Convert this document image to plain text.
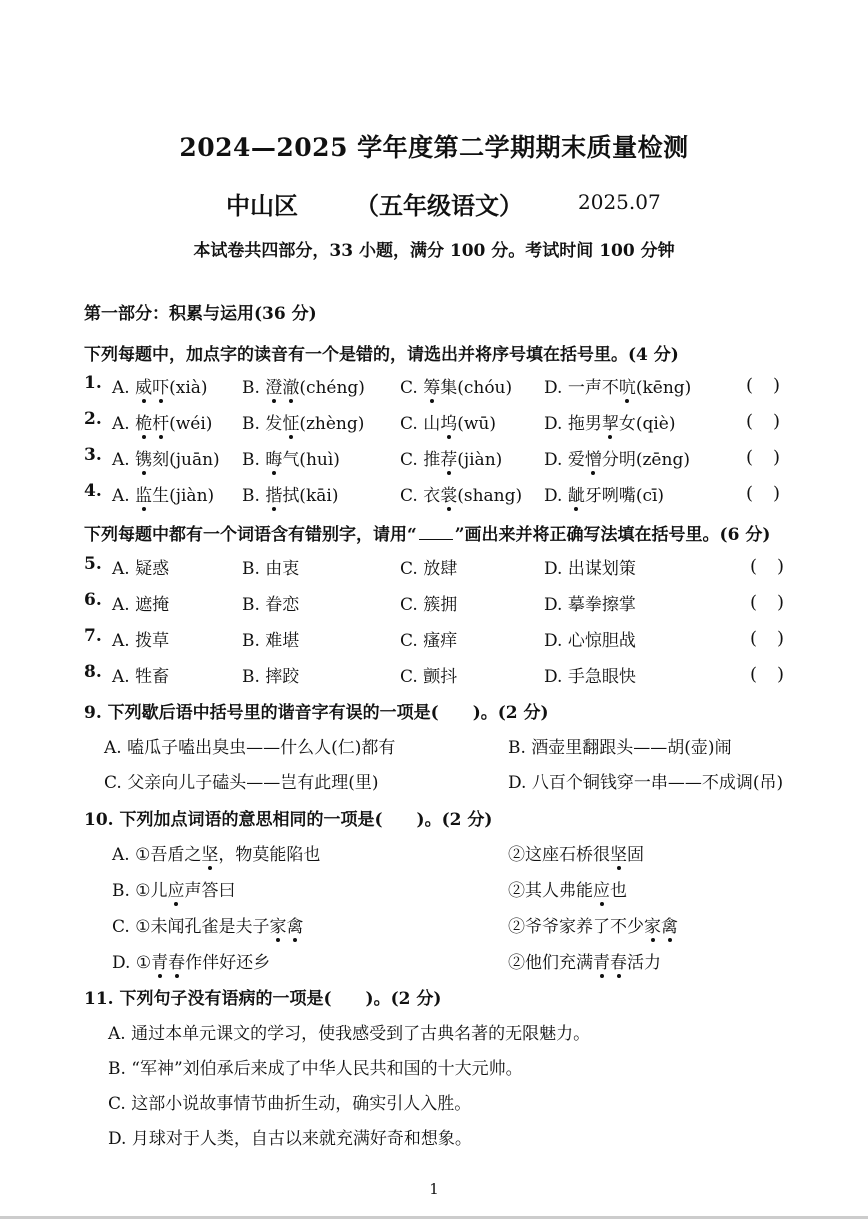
2024—2025 学年度第二学期期末质量检测
中山区 （五年级语文）	2025.07
本试卷共四部分，33 小题，满分 100 分。考试时间 100 分钟
第一部分：积累与运用(36 分)
下列每题中，加点字的读音有一个是错的，请选出并将序号填在括号里。(4 分)
1. A. 威吓(xià) B. 澄澈(chéng) C. 筹集(chóu) D. 一声不吭(kēng)	(　)
2. A. 桅杆(wéi) B. 发怔(zhèng) C. 山坞(wū)	D. 拖男挈女(qiè)	(　)
3. A. 镌刻(juān) B. 晦气(huì)	C. 推荐(jiàn) D. 爱憎分明(zēng)	(　)
4. A. 监生(jiàn) B. 揩拭(kāi)	C. 衣裳(shang) D. 龇牙咧嘴(cī)	(　)
下列每题中都有一个词语含有错别字，请用“ ”画出来并将正确写法填在括号里。(6 分)
5. A. 疑惑	B. 由衷	C. 放肆	D. 出谋划策	(　)
6. A. 遮掩	B. 眷恋	C. 簇拥	D. 摹拳擦掌	(　)
7. A. 拨草	B. 难堪	C. 瘙痒	D. 心惊胆战	(　)
8. A. 牲畜	B. 摔跤	C. 颤抖	D. 手急眼快	(　)
9. 下列歇后语中括号里的谐音字有误的一项是(　　)。(2 分)
A. 嗑瓜子嗑出臭虫——什么人(仁)都有	B. 酒壶里翻跟头——胡(壶)闹
C. 父亲向儿子磕头——岂有此理(里)	D. 八百个铜钱穿一串——不成调(吊)
10. 下列加点词语的意思相同的一项是(　　)。(2 分)
A. ①吾盾之坚，物莫能陷也	②这座石桥很坚固
B. ①儿应声答曰	②其人弗能应也
C. ①未闻孔雀是夫子家禽	②爷爷家养了不少家禽
D. ①青春作伴好还乡	②他们充满青春活力
11. 下列句子没有语病的一项是(　　)。(2 分)
A. 通过本单元课文的学习，使我感受到了古典名著的无限魅力。
B. “军神”刘伯承后来成了中华人民共和国的十大元帅。
C. 这部小说故事情节曲折生动，确实引人入胜。
D. 月球对于人类，自古以来就充满好奇和想象。
1
